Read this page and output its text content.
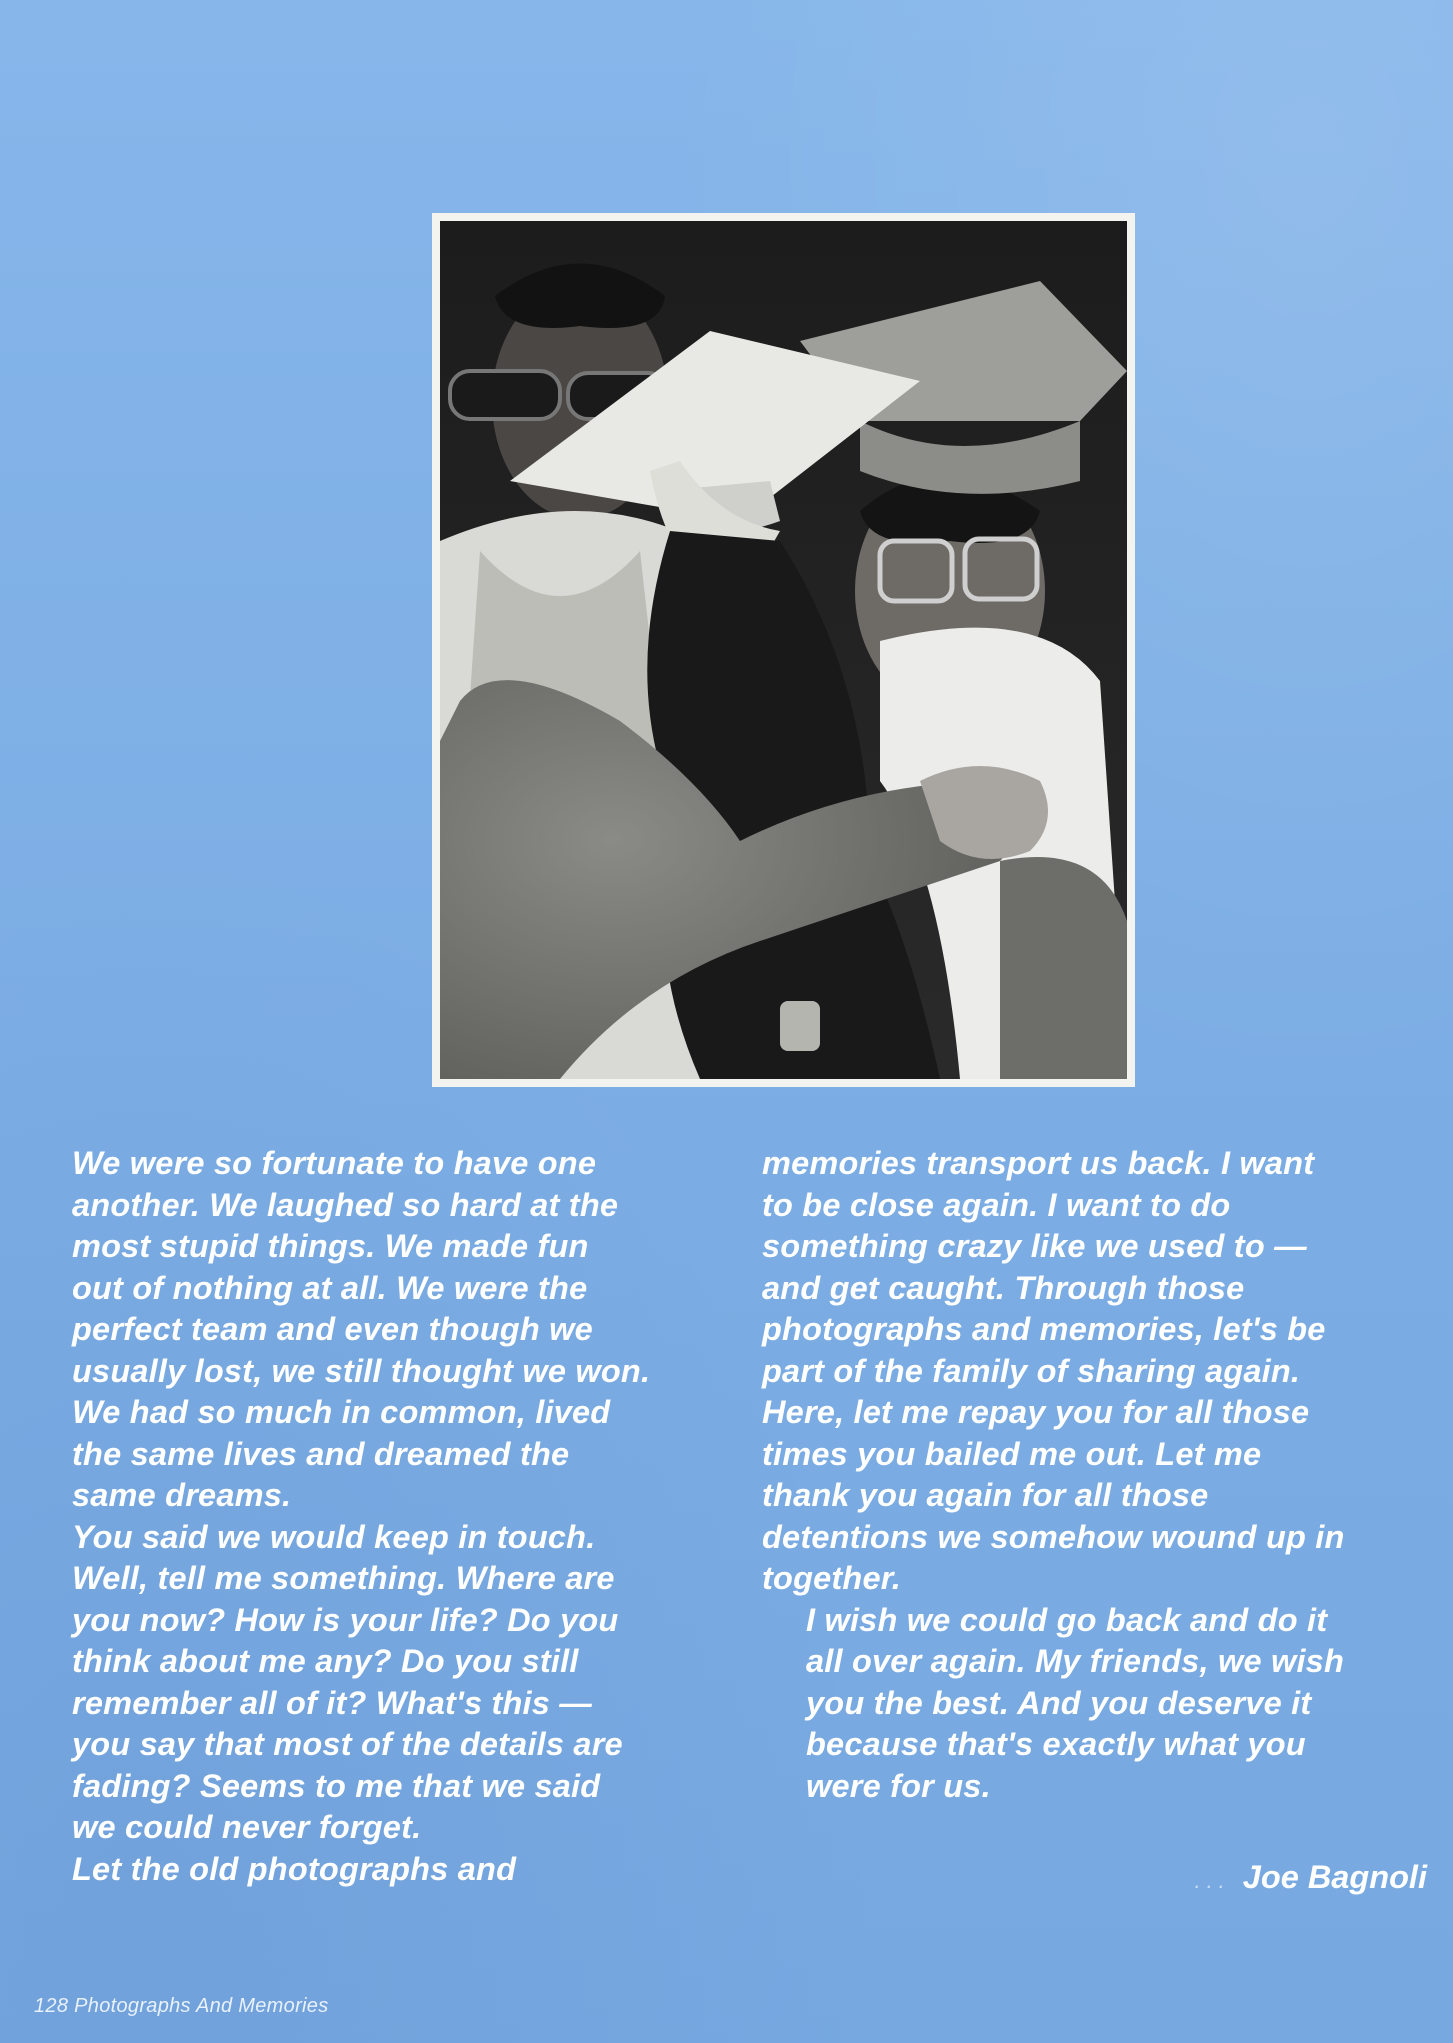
We were so fortunate to have one
another. We laughed so hard at the
most stupid things. We made fun
out of nothing at all. We were the
perfect team and even though we
usually lost, we still thought we won.
We had so much in common, lived
the same lives and dreamed the
same dreams.

You said we would keep in touch.
Well, tell me something. Where are
you now? How is your life? Do you
think about me any? Do you still
remember all of it? What's this —
you say that most of the details are
fading? Seems to me that we said
we could never forget.

Let the old photographs and

memories transport us back. I want
to be close again. I want to do
something crazy like we used to —
and get caught. Through those
photographs and memories, let's be
part of the family of sharing again.
Here, let me repay you for all those
times you bailed me out. Let me
thank you again for all those
detentions we somehow wound up in
together.

I wish we could go back and do it
all over again. My friends, we wish
you the best. And you deserve it
because that's exactly what you
were for us.

... Joe Bagnoli
128 Photographs And Memories
